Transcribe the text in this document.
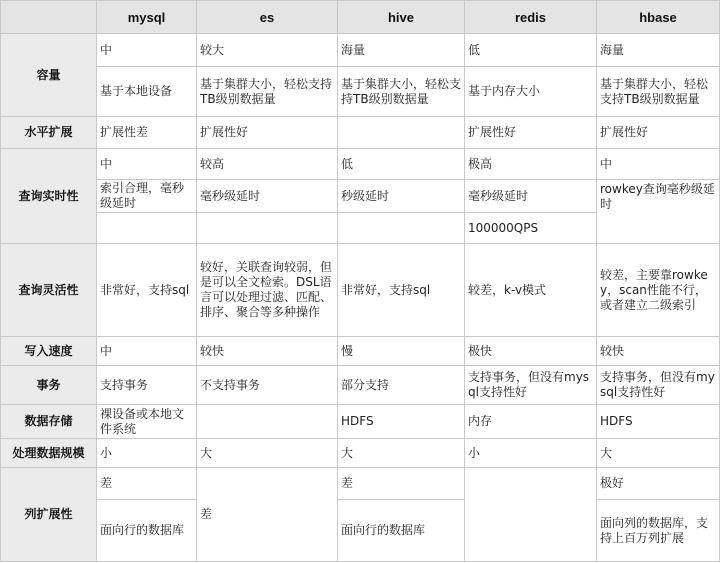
	mysql	es	hive	redis	hbase
容量	中	较大	海量	低	海量
	基于本地设备	基于集群大小，轻松支持TB级别数据量	基于集群大小，轻松支持TB级别数据量	基于内存大小	基于集群大小，轻松支持TB级别数据量
水平扩展	扩展性差	扩展性好		扩展性好	扩展性好
查询实时性	中	较高	低	极高	中
	索引合理，毫秒级延时	毫秒级延时	秒级延时	毫秒级延时	rowkey查询毫秒级延时
				100000QPS	
查询灵活性	非常好，支持sql	较好，关联查询较弱，但是可以全文检索。DSL语言可以处理过滤、匹配、排序、聚合等多种操作	非常好，支持sql	较差，k-v模式	较差，主要靠rowkey，scan性能不行，或者建立二级索引
写入速度	中	较快	慢	极快	较快
事务	支持事务	不支持事务	部分支持	支持事务，但没有mysql支持性好	支持事务，但没有mysql支持性好
数据存储	裸设备或本地文件系统		HDFS	内存	HDFS
处理数据规模	小	大	大	小	大
列扩展性	差	差	差		极好
	面向行的数据库		面向行的数据库		面向列的数据库，支持上百万列扩展
